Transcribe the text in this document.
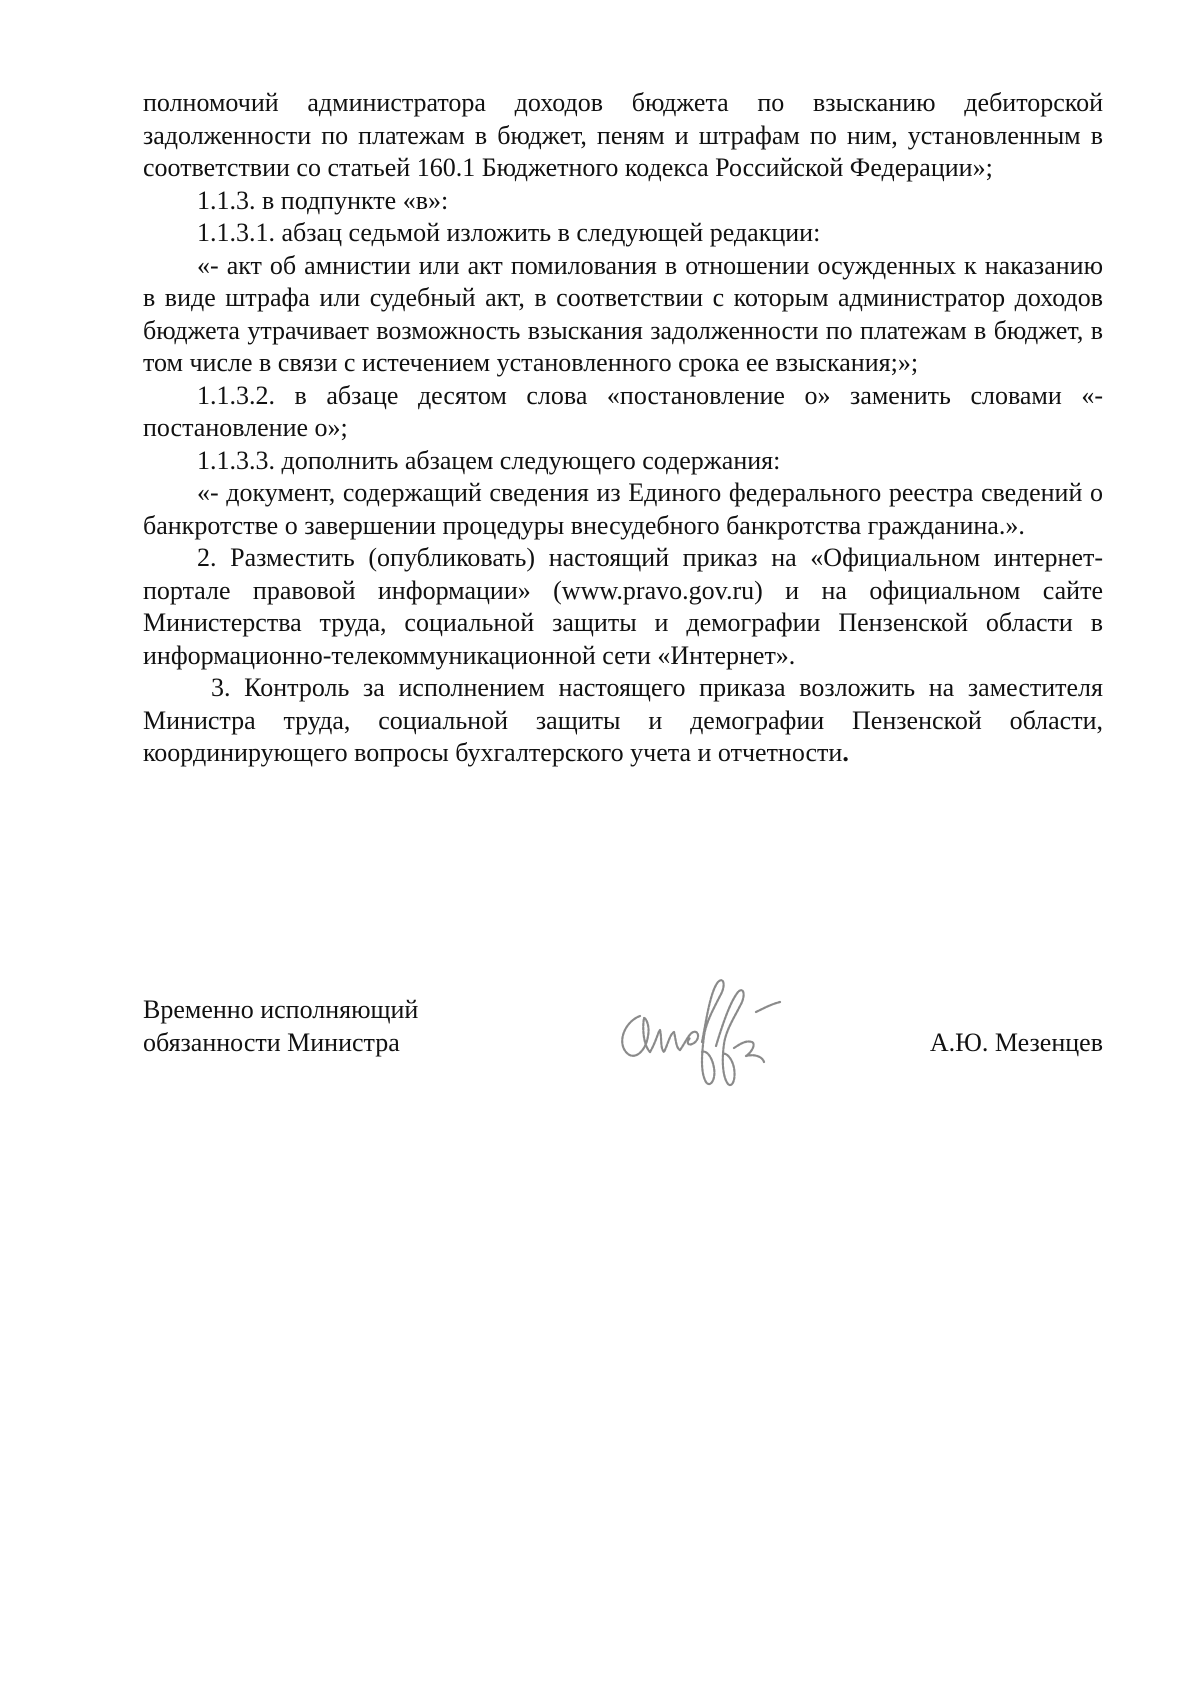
полномочий администратора доходов бюджета по взысканию дебиторской задолженности по платежам в бюджет, пеням и штрафам по ним, установленным в соответствии со статьей 160.1 Бюджетного кодекса Российской Федерации»;

1.1.3. в подпункте «в»:

1.1.3.1. абзац седьмой изложить в следующей редакции:

«- акт об амнистии или акт помилования в отношении осужденных к наказанию в виде штрафа или судебный акт, в соответствии с которым администратор доходов бюджета утрачивает возможность взыскания задолженности по платежам в бюджет, в том числе в связи с истечением установленного срока ее взыскания;»;

1.1.3.2. в абзаце десятом слова «постановление о» заменить словами «-постановление о»;

1.1.3.3. дополнить абзацем следующего содержания:

«- документ, содержащий сведения из Единого федерального реестра сведений о банкротстве о завершении процедуры внесудебного банкротства гражданина.».

2. Разместить (опубликовать) настоящий приказ на «Официальном интернет-портале правовой информации» (www.pravo.gov.ru) и на официальном сайте Министерства труда, социальной защиты и демографии Пензенской области в информационно-телекоммуникационной сети «Интернет».

3. Контроль за исполнением настоящего приказа возложить на заместителя Министра труда, социальной защиты и демографии Пензенской области, координирующего вопросы бухгалтерского учета и отчетности.

Временно исполняющий
обязанности Министра	А.Ю. Мезенцев
